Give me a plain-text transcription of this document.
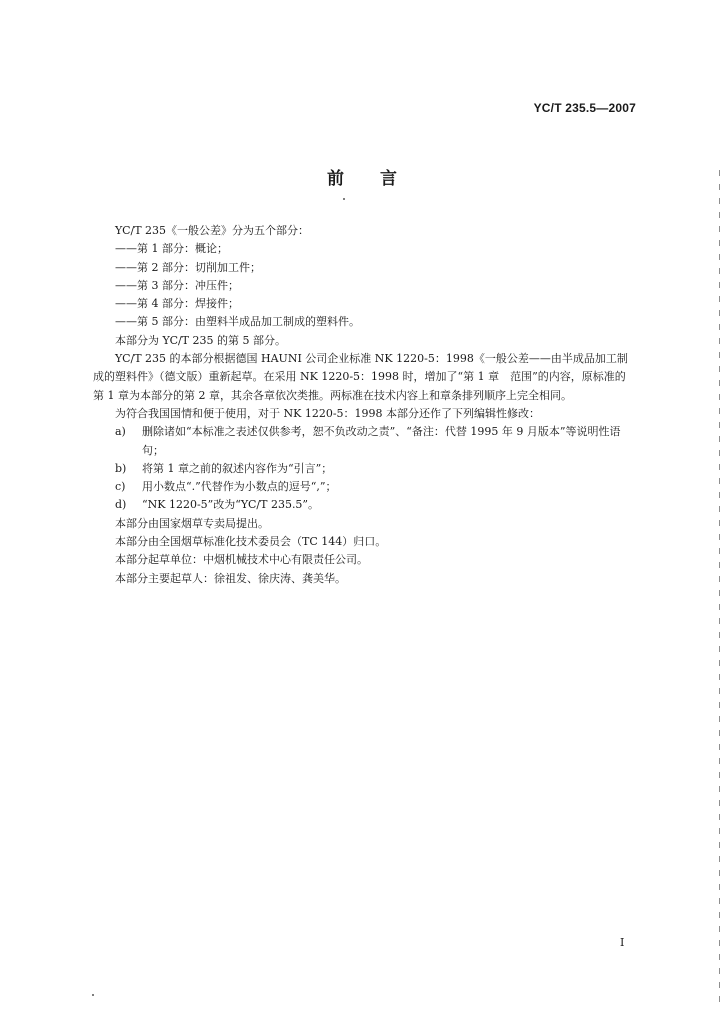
YC/T 235.5—2007
前言

YC/T 235《一般公差》分为五个部分：

——第 1 部分：概论；

——第 2 部分：切削加工件；

——第 3 部分：冲压件；

——第 4 部分：焊接件；

——第 5 部分：由塑料半成品加工制成的塑料件。

本部分为 YC/T 235 的第 5 部分。

YC/T 235 的本部分根据德国 HAUNI 公司企业标准 NK 1220-5：1998《一般公差——由半成品加工制成的塑料件》（德文版）重新起草。在采用 NK 1220-5：1998 时，增加了“第 1 章　范围”的内容，原标准的第 1 章为本部分的第 2 章，其余各章依次类推。两标准在技术内容上和章条排列顺序上完全相同。

为符合我国国情和便于使用，对于 NK 1220-5：1998 本部分还作了下列编辑性修改：

a)	删除诸如“本标准之表述仅供参考，恕不负改动之责”、“备注：代替 1995 年 9 月版本”等说明性语句；
b)	将第 1 章之前的叙述内容作为“引言”；
c)	用小数点“.”代替作为小数点的逗号“,”；
d)	“NK 1220-5”改为“YC/T 235.5”。

本部分由国家烟草专卖局提出。

本部分由全国烟草标准化技术委员会（TC 144）归口。

本部分起草单位：中烟机械技术中心有限责任公司。

本部分主要起草人：徐祖发、徐庆涛、龚美华。

I
